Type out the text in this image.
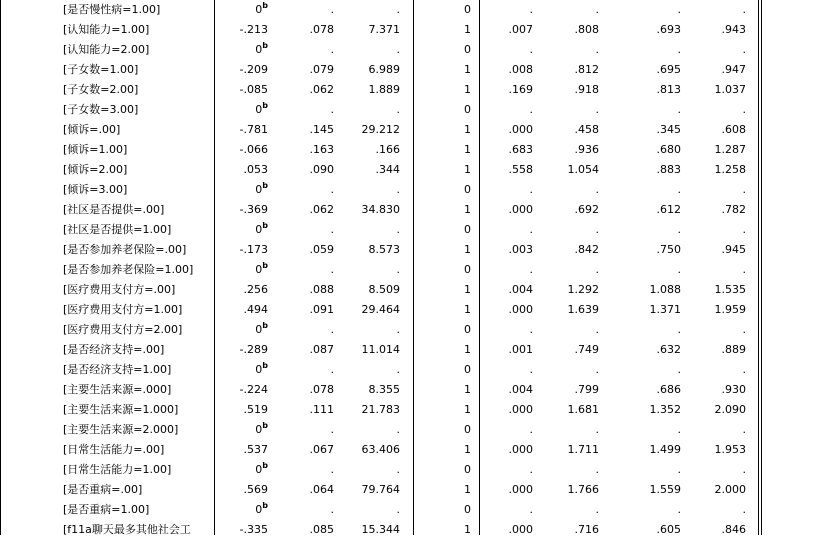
	[是否慢性病=1.00]	0$^b$	.	.	0	.	.	.	.
	[认知能力=1.00]	-.213	.078	7.371	1	.007	.808	.693	.943
	[认知能力=2.00]	0$^b$	.	.	0	.	.	.	.
	[子女数=1.00]	-.209	.079	6.989	1	.008	.812	.695	.947
	[子女数=2.00]	-.085	.062	1.889	1	.169	.918	.813	1.037
	[子女数=3.00]	0$^b$	.	.	0	.	.	.	.
	[倾诉=.00]	-.781	.145	29.212	1	.000	.458	.345	.608
	[倾诉=1.00]	-.066	.163	.166	1	.683	.936	.680	1.287
	[倾诉=2.00]	.053	.090	.344	1	.558	1.054	.883	1.258
	[倾诉=3.00]	0$^b$	.	.	0	.	.	.	.
	[社区是否提供=.00]	-.369	.062	34.830	1	.000	.692	.612	.782
	[社区是否提供=1.00]	0$^b$	.	.	0	.	.	.	.
	[是否参加养老保险=.00]	-.173	.059	8.573	1	.003	.842	.750	.945
	[是否参加养老保险=1.00]	0$^b$	.	.	0	.	.	.	.
	[医疗费用支付方=.00]	.256	.088	8.509	1	.004	1.292	1.088	1.535
	[医疗费用支付方=1.00]	.494	.091	29.464	1	.000	1.639	1.371	1.959
	[医疗费用支付方=2.00]	0$^b$	.	.	0	.	.	.	.
	[是否经济支持=.00]	-.289	.087	11.014	1	.001	.749	.632	.889
	[是否经济支持=1.00]	0$^b$	.	.	0	.	.	.	.
	[主要生活来源=.000]	-.224	.078	8.355	1	.004	.799	.686	.930
	[主要生活来源=1.000]	.519	.111	21.783	1	.000	1.681	1.352	2.090
	[主要生活来源=2.000]	0$^b$	.	.	0	.	.	.	.
	[日常生活能力=.00]	.537	.067	63.406	1	.000	1.711	1.499	1.953
	[日常生活能力=1.00]	0$^b$	.	.	0	.	.	.	.
	[是否重病=.00]	.569	.064	79.764	1	.000	1.766	1.559	2.000
	[是否重病=1.00]	0$^b$	.	.	0	.	.	.	.
	[f11a聊天最多其他社会工	-.335	.085	15.344	1	.000	.716	.605	.846
